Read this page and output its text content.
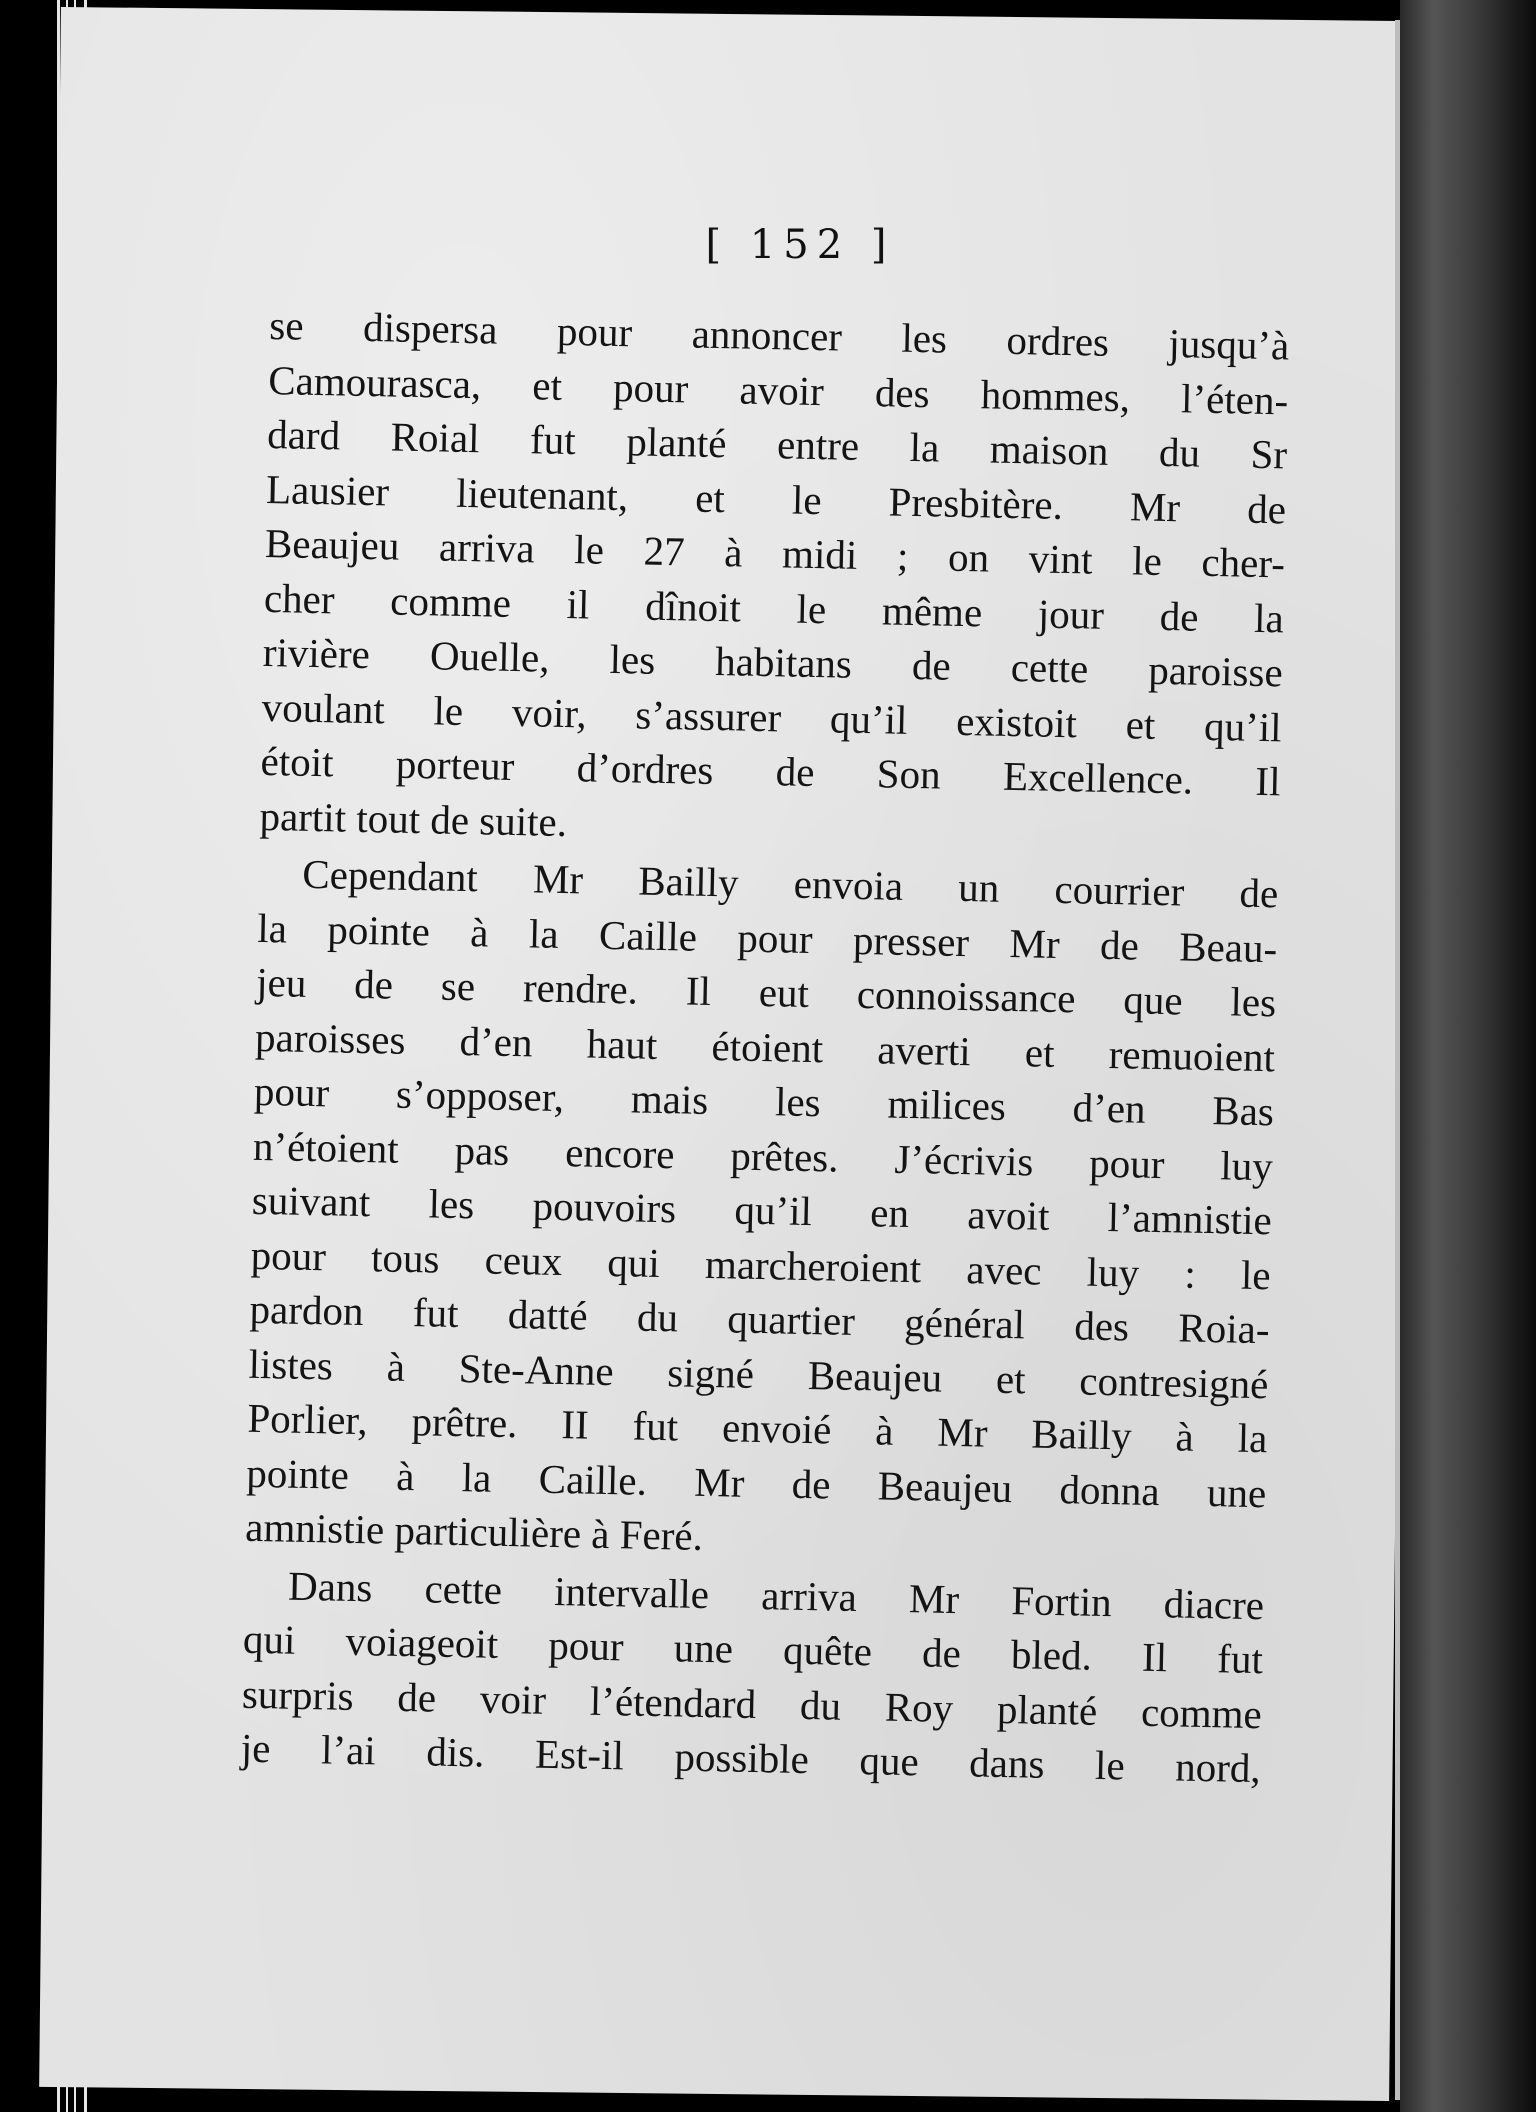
[ 152 ]
se dispersa pour annoncer les ordres jusqu’à
Camourasca, et pour avoir des hommes, l’éten-
dard Roial fut planté entre la maison du Sr
Lausier lieutenant, et le Presbitère. Mr de
Beaujeu arriva le 27 à midi ; on vint le cher-
cher comme il dînoit le même jour de la
rivière Ouelle, les habitans de cette paroisse
voulant le voir, s’assurer qu’il existoit et qu’il
étoit porteur d’ordres de Son Excellence. Il
partit tout de suite.
Cependant Mr Bailly envoia un courrier de
la pointe à la Caille pour presser Mr de Beau-
jeu de se rendre. Il eut connoissance que les
paroisses d’en haut étoient averti et remuoient
pour s’opposer, mais les milices d’en Bas
n’étoient pas encore prêtes. J’écrivis pour luy
suivant les pouvoirs qu’il en avoit l’amnistie
pour tous ceux qui marcheroient avec luy : le
pardon fut datté du quartier général des Roia-
listes à Ste-Anne signé Beaujeu et contresigné
Porlier, prêtre. II fut envoié à Mr Bailly à la
pointe à la Caille. Mr de Beaujeu donna une
amnistie particulière à Feré.
Dans cette intervalle arriva Mr Fortin diacre
qui voiageoit pour une quête de bled. Il fut
surpris de voir l’étendard du Roy planté comme
je l’ai dis. Est-il possible que dans le nord,
